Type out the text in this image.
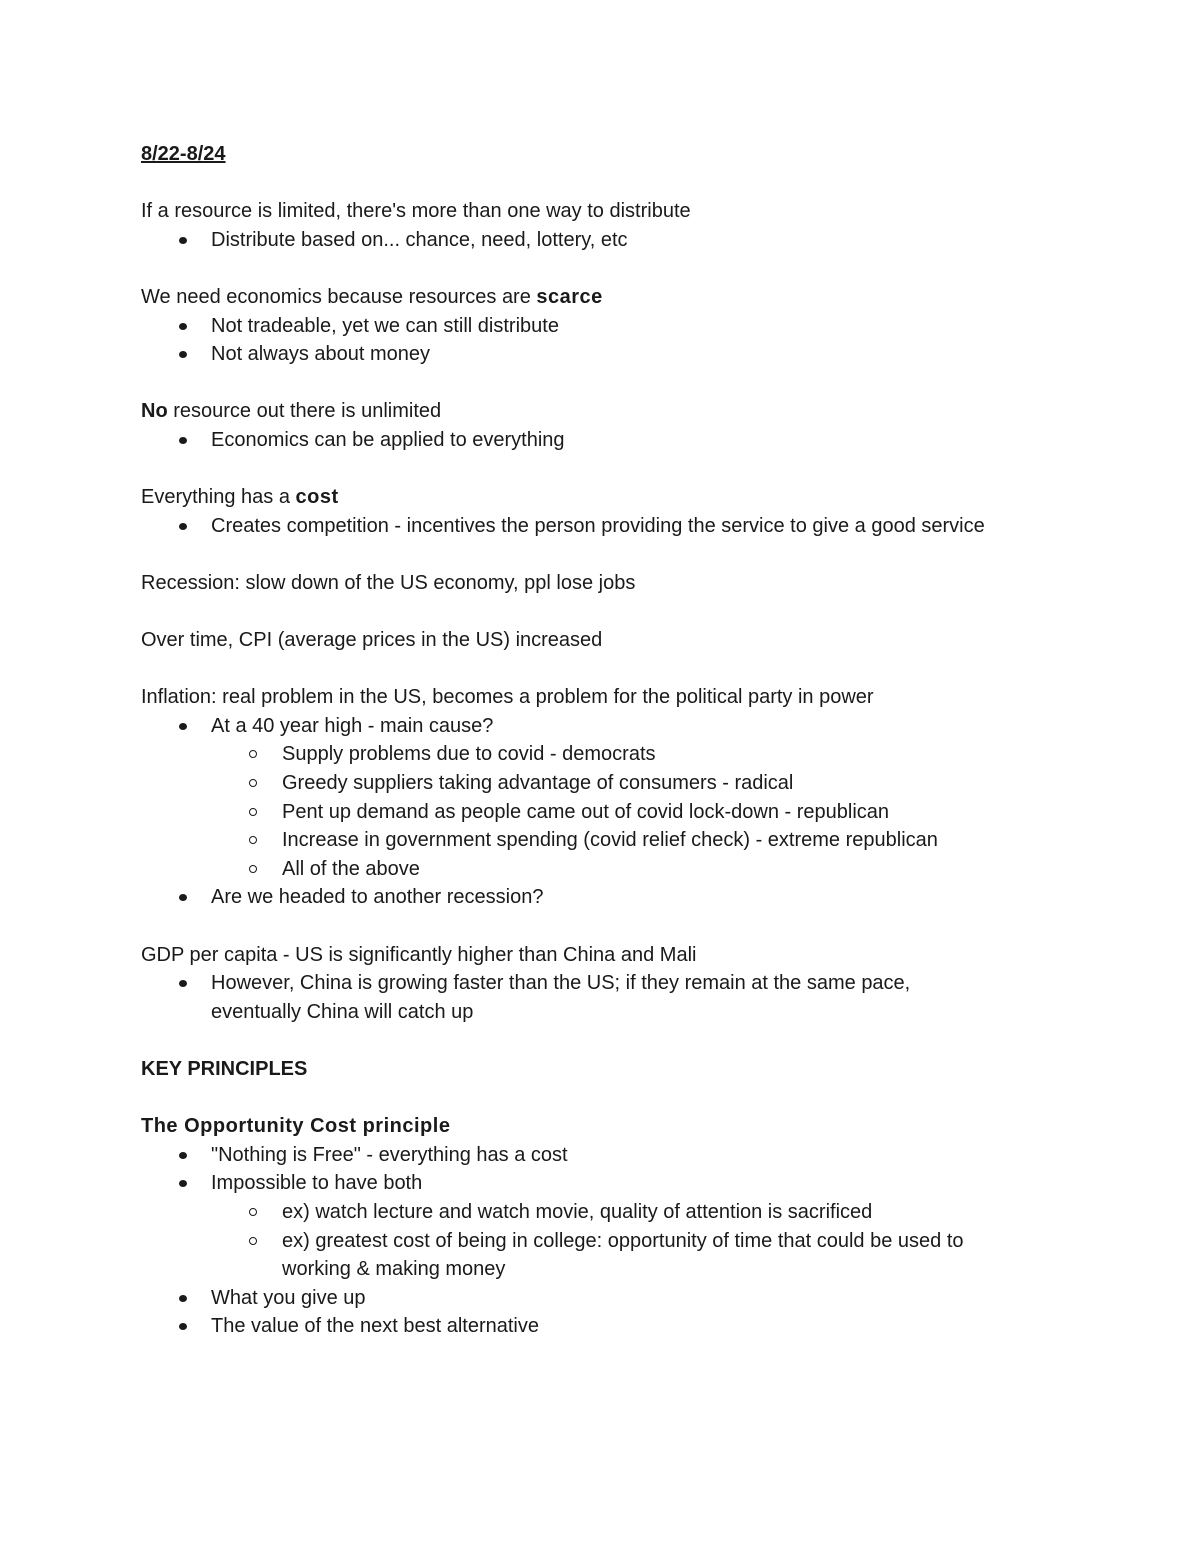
8/22-8/24

If a resource is limited, there's more than one way to distribute

Distribute based on... chance, need, lottery, etc

We need economics because resources are scarce

Not tradeable, yet we can still distribute

Not always about money

No resource out there is unlimited

Economics can be applied to everything

Everything has a cost

Creates competition - incentives the person providing the service to give a good service

Recession: slow down of the US economy, ppl lose jobs

Over time, CPI (average prices in the US) increased

Inflation: real problem in the US, becomes a problem for the political party in power

At a 40 year high - main cause?

Supply problems due to covid - democrats

Greedy suppliers taking advantage of consumers - radical

Pent up demand as people came out of covid lock-down - republican

Increase in government spending (covid relief check) - extreme republican

All of the above

Are we headed to another recession?

GDP per capita - US is significantly higher than China and Mali

However, China is growing faster than the US; if they remain at the same pace,

eventually China will catch up

KEY PRINCIPLES

The Opportunity Cost principle

"Nothing is Free" - everything has a cost

Impossible to have both

ex) watch lecture and watch movie, quality of attention is sacrificed

ex) greatest cost of being in college: opportunity of time that could be used to

working & making money

What you give up

The value of the next best alternative
